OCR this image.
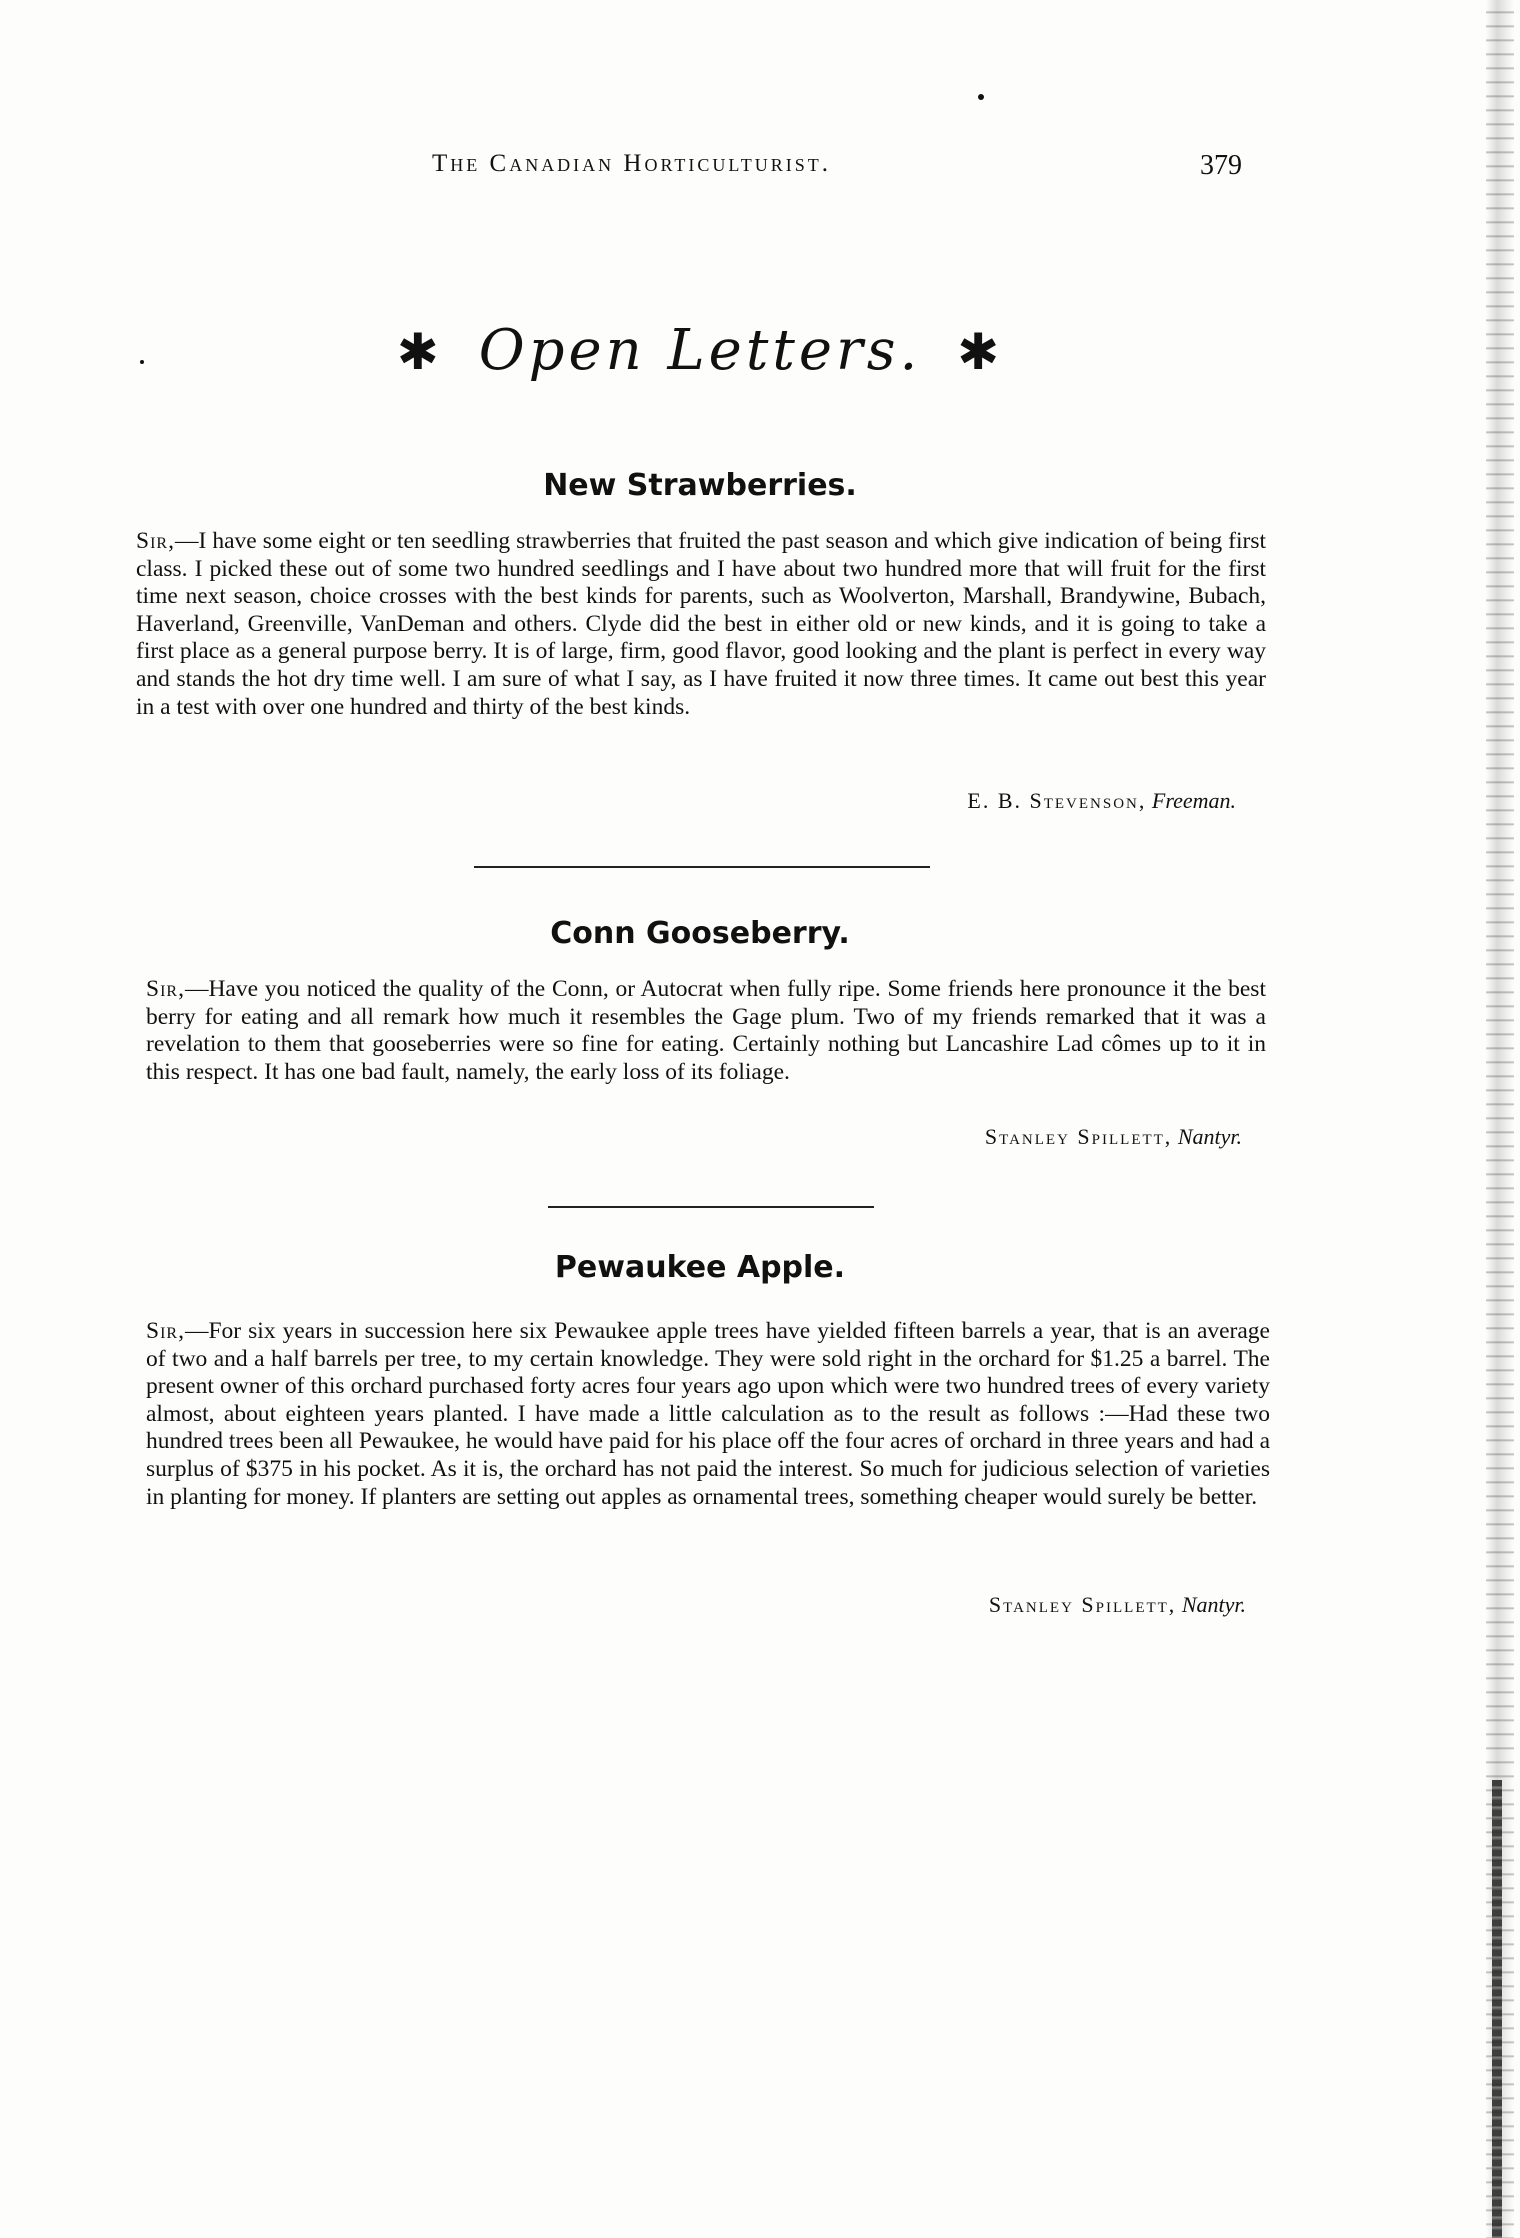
The Canadian Horticulturist.	379
✱ Open Letters. ✱
New Strawberries.
Sir,—I have some eight or ten seedling strawberries that fruited the past season and which give indication of being first class. I picked these out of some two hundred seedlings and I have about two hundred more that will fruit for the first time next season, choice crosses with the best kinds for parents, such as Woolverton, Marshall, Brandywine, Bubach, Haverland, Greenville, VanDeman and others. Clyde did the best in either old or new kinds, and it is going to take a first place as a general purpose berry. It is of large, firm, good flavor, good looking and the plant is perfect in every way and stands the hot dry time well. I am sure of what I say, as I have fruited it now three times. It came out best this year in a test with over one hundred and thirty of the best kinds.
E. B. Stevenson, Freeman.
Conn Gooseberry.
Sir,—Have you noticed the quality of the Conn, or Autocrat when fully ripe. Some friends here pronounce it the best berry for eating and all remark how much it resembles the Gage plum. Two of my friends remarked that it was a revelation to them that gooseberries were so fine for eating. Certainly nothing but Lancashire Lad cômes up to it in this respect. It has one bad fault, namely, the early loss of its foliage.
Stanley Spillett, Nantyr.
Pewaukee Apple.
Sir,—For six years in succession here six Pewaukee apple trees have yielded fifteen barrels a year, that is an average of two and a half barrels per tree, to my certain knowledge. They were sold right in the orchard for $1.25 a barrel. The present owner of this orchard purchased forty acres four years ago upon which were two hundred trees of every variety almost, about eighteen years planted. I have made a little calculation as to the result as follows :—Had these two hundred trees been all Pewaukee, he would have paid for his place off the four acres of orchard in three years and had a surplus of $375 in his pocket. As it is, the orchard has not paid the interest. So much for judicious selection of varieties in planting for money. If planters are setting out apples as ornamental trees, something cheaper would surely be better.
Stanley Spillett, Nantyr.
